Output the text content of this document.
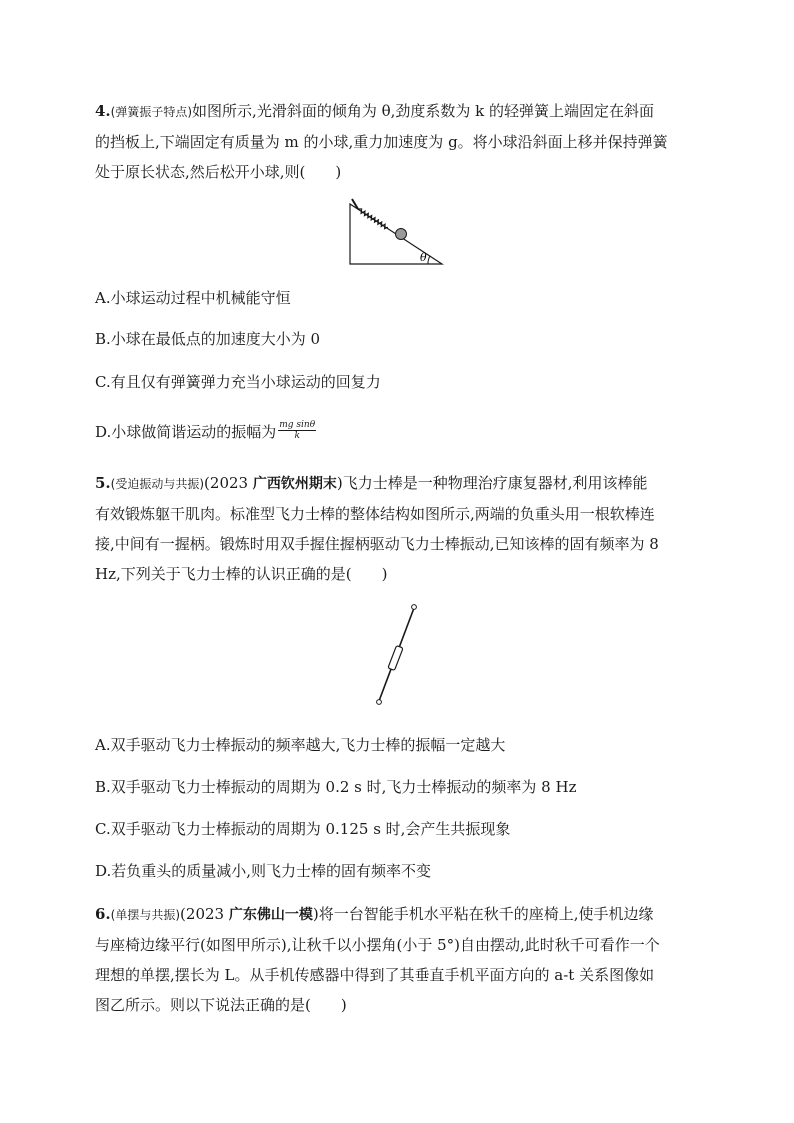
4.(弹簧振子特点)如图所示,光滑斜面的倾角为 θ,劲度系数为 k 的轻弹簧上端固定在斜面
的挡板上,下端固定有质量为 m 的小球,重力加速度为 g。将小球沿斜面上移并保持弹簧
处于原长状态,然后松开小球,则(　　)
θ
A.小球运动过程中机械能守恒
B.小球在最低点的加速度大小为 0
C.有且仅有弹簧弹力充当小球运动的回复力
D.小球做简谐运动的振幅为 $\frac{\text{mg sinθ}}{k}$
5.(受迫振动与共振)(2023 广西钦州期末)飞力士棒是一种物理治疗康复器材,利用该棒能
有效锻炼躯干肌肉。标准型飞力士棒的整体结构如图所示,两端的负重头用一根软棒连
接,中间有一握柄。锻炼时用双手握住握柄驱动飞力士棒振动,已知该棒的固有频率为 8
Hz,下列关于飞力士棒的认识正确的是(　　)
A.双手驱动飞力士棒振动的频率越大,飞力士棒的振幅一定越大
B.双手驱动飞力士棒振动的周期为 0.2 s 时,飞力士棒振动的频率为 8 Hz
C.双手驱动飞力士棒振动的周期为 0.125 s 时,会产生共振现象
D.若负重头的质量减小,则飞力士棒的固有频率不变
6.(单摆与共振)(2023 广东佛山一模)将一台智能手机水平粘在秋千的座椅上,使手机边缘
与座椅边缘平行(如图甲所示),让秋千以小摆角(小于 5°)自由摆动,此时秋千可看作一个
理想的单摆,摆长为 L。从手机传感器中得到了其垂直手机平面方向的 a-t 关系图像如
图乙所示。则以下说法正确的是(　　)
